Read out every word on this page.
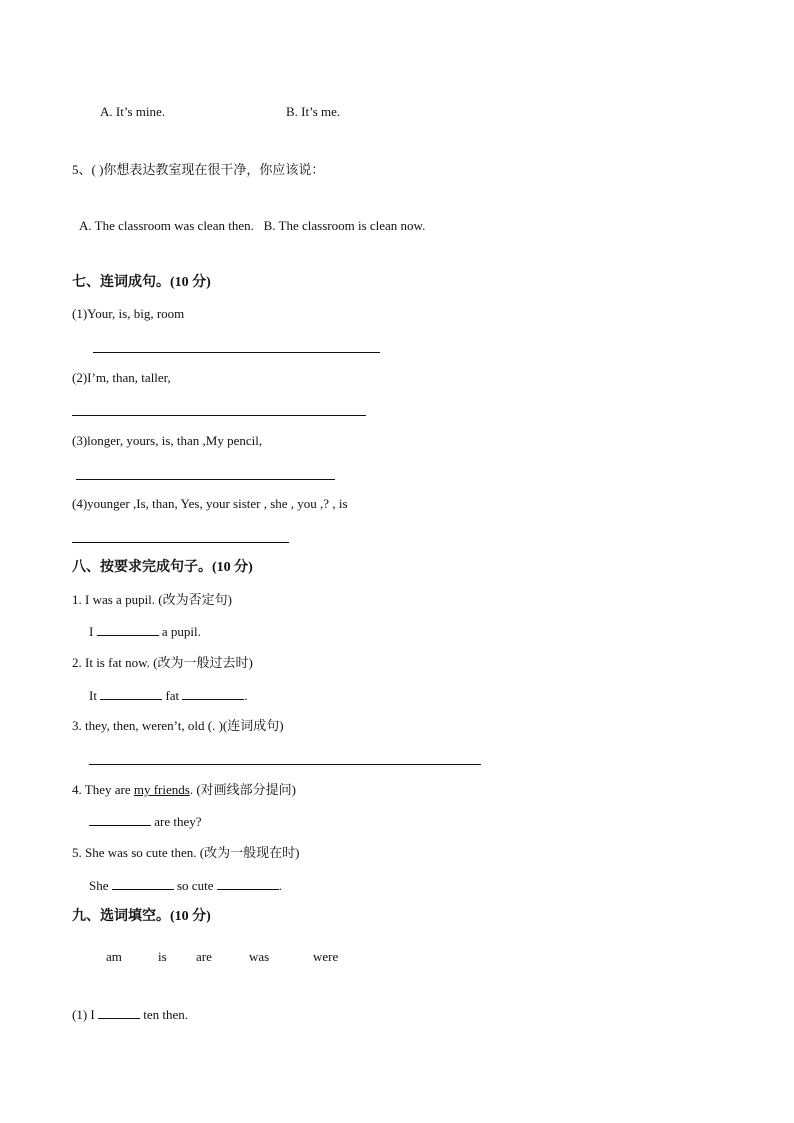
A. It’s mine.	B. It’s me.
5、( )你想表达教室现在很干净，你应该说：
A. The classroom was clean then. B. The classroom is clean now.
七、连词成句。(10 分)
(1)Your, is, big, room
(2)I’m, than, taller,
(3)longer, yours, is, than ,My pencil,
(4)younger ,Is, than, Yes, your sister , she , you ,? , is
八、按要求完成句子。(10 分)
1. I was a pupil. (改为否定句)
I	a pupil.
2. It is fat now. (改为一般过去时)
It	fat	.
3. they, then, weren’t, old (. )(连词成句)
4. They are my friends. (对画线部分提问)
are they?
5. She was so cute then. (改为一般现在时)
She	so cute	.
九、选词填空。(10 分)
am	is are	was	were
(1) I	ten then.
